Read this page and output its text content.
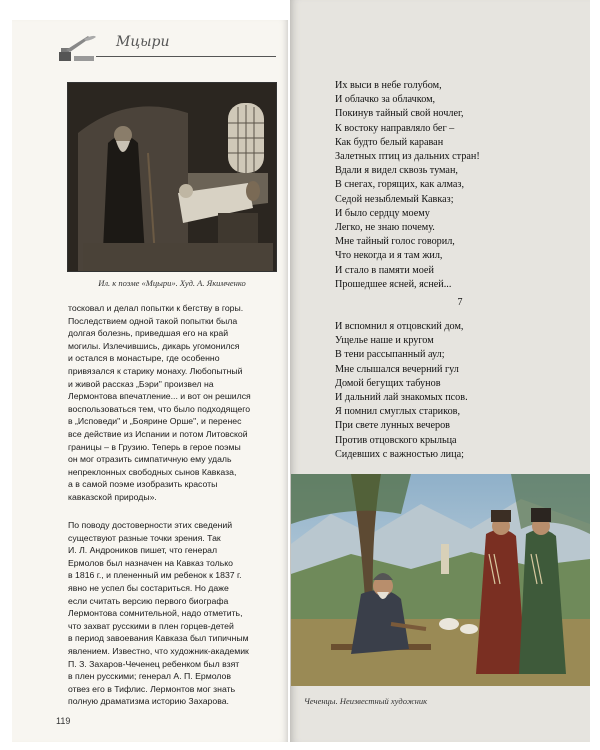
Мцыри
Ил. к поэме «Мцыри». Худ. А. Якимченко

тосковал и делал попытки к бегству в горы.

Последствием одной такой попытки была

долгая болезнь, приведшая его на край

могилы. Излечившись, дикарь угомонился

и остался в монастыре, где особенно

привязался к старику монаху. Любопытный

и живой рассказ „Бэри" произвел на

Лермонтова впечатление... и вот он решился

воспользоваться тем, что было подходящего

в „Исповеди" и „Боярине Орше", и перенес

все действие из Испании и потом Литовской

границы – в Грузию. Теперь в герое поэмы

он мог отразить симпатичную ему удаль

непреклонных свободных сынов Кавказа,

а в самой поэме изобразить красоты

кавказской природы».

По поводу достоверности этих сведений

существуют разные точки зрения. Так

И. Л. Андроников пишет, что генерал

Ермолов был назначен на Кавказ только

в 1816 г., и плененный им ребенок к 1837 г.

явно не успел бы состариться. Но даже

если считать версию первого биографа

Лермонтова сомнительной, надо отметить,

что захват русскими в плен горцев-детей

в период завоевания Кавказа был типичным

явлением. Известно, что художник-академик

П. З. Захаров-Чеченец ребенком был взят

в плен русскими; генерал А. П. Ермолов

отвез его в Тифлис. Лермонтов мог знать

полную драматизма историю Захарова.

119

Их выси в небе голубом,

И облачко за облачком,

Покинув тайный свой ночлег,

К востоку направляло бег –

Как будто белый караван

Залетных птиц из дальних стран!

Вдали я видел сквозь туман,

В снегах, горящих, как алмаз,

Седой незыблемый Кавказ;

И было сердцу моему

Легко, не знаю почему.

Мне тайный голос говорил,

Что некогда и я там жил,

И стало в памяти моей

Прошедшее ясней, ясней...

7

И вспомнил я отцовский дом,

Ущелье наше и кругом

В тени рассыпанный аул;

Мне слышался вечерний гул

Домой бегущих табунов

И дальний лай знакомых псов.

Я помнил смуглых стариков,

При свете лунных вечеров

Против отцовского крыльца

Сидевших с важностью лица;

Чеченцы. Неизвестный художник
